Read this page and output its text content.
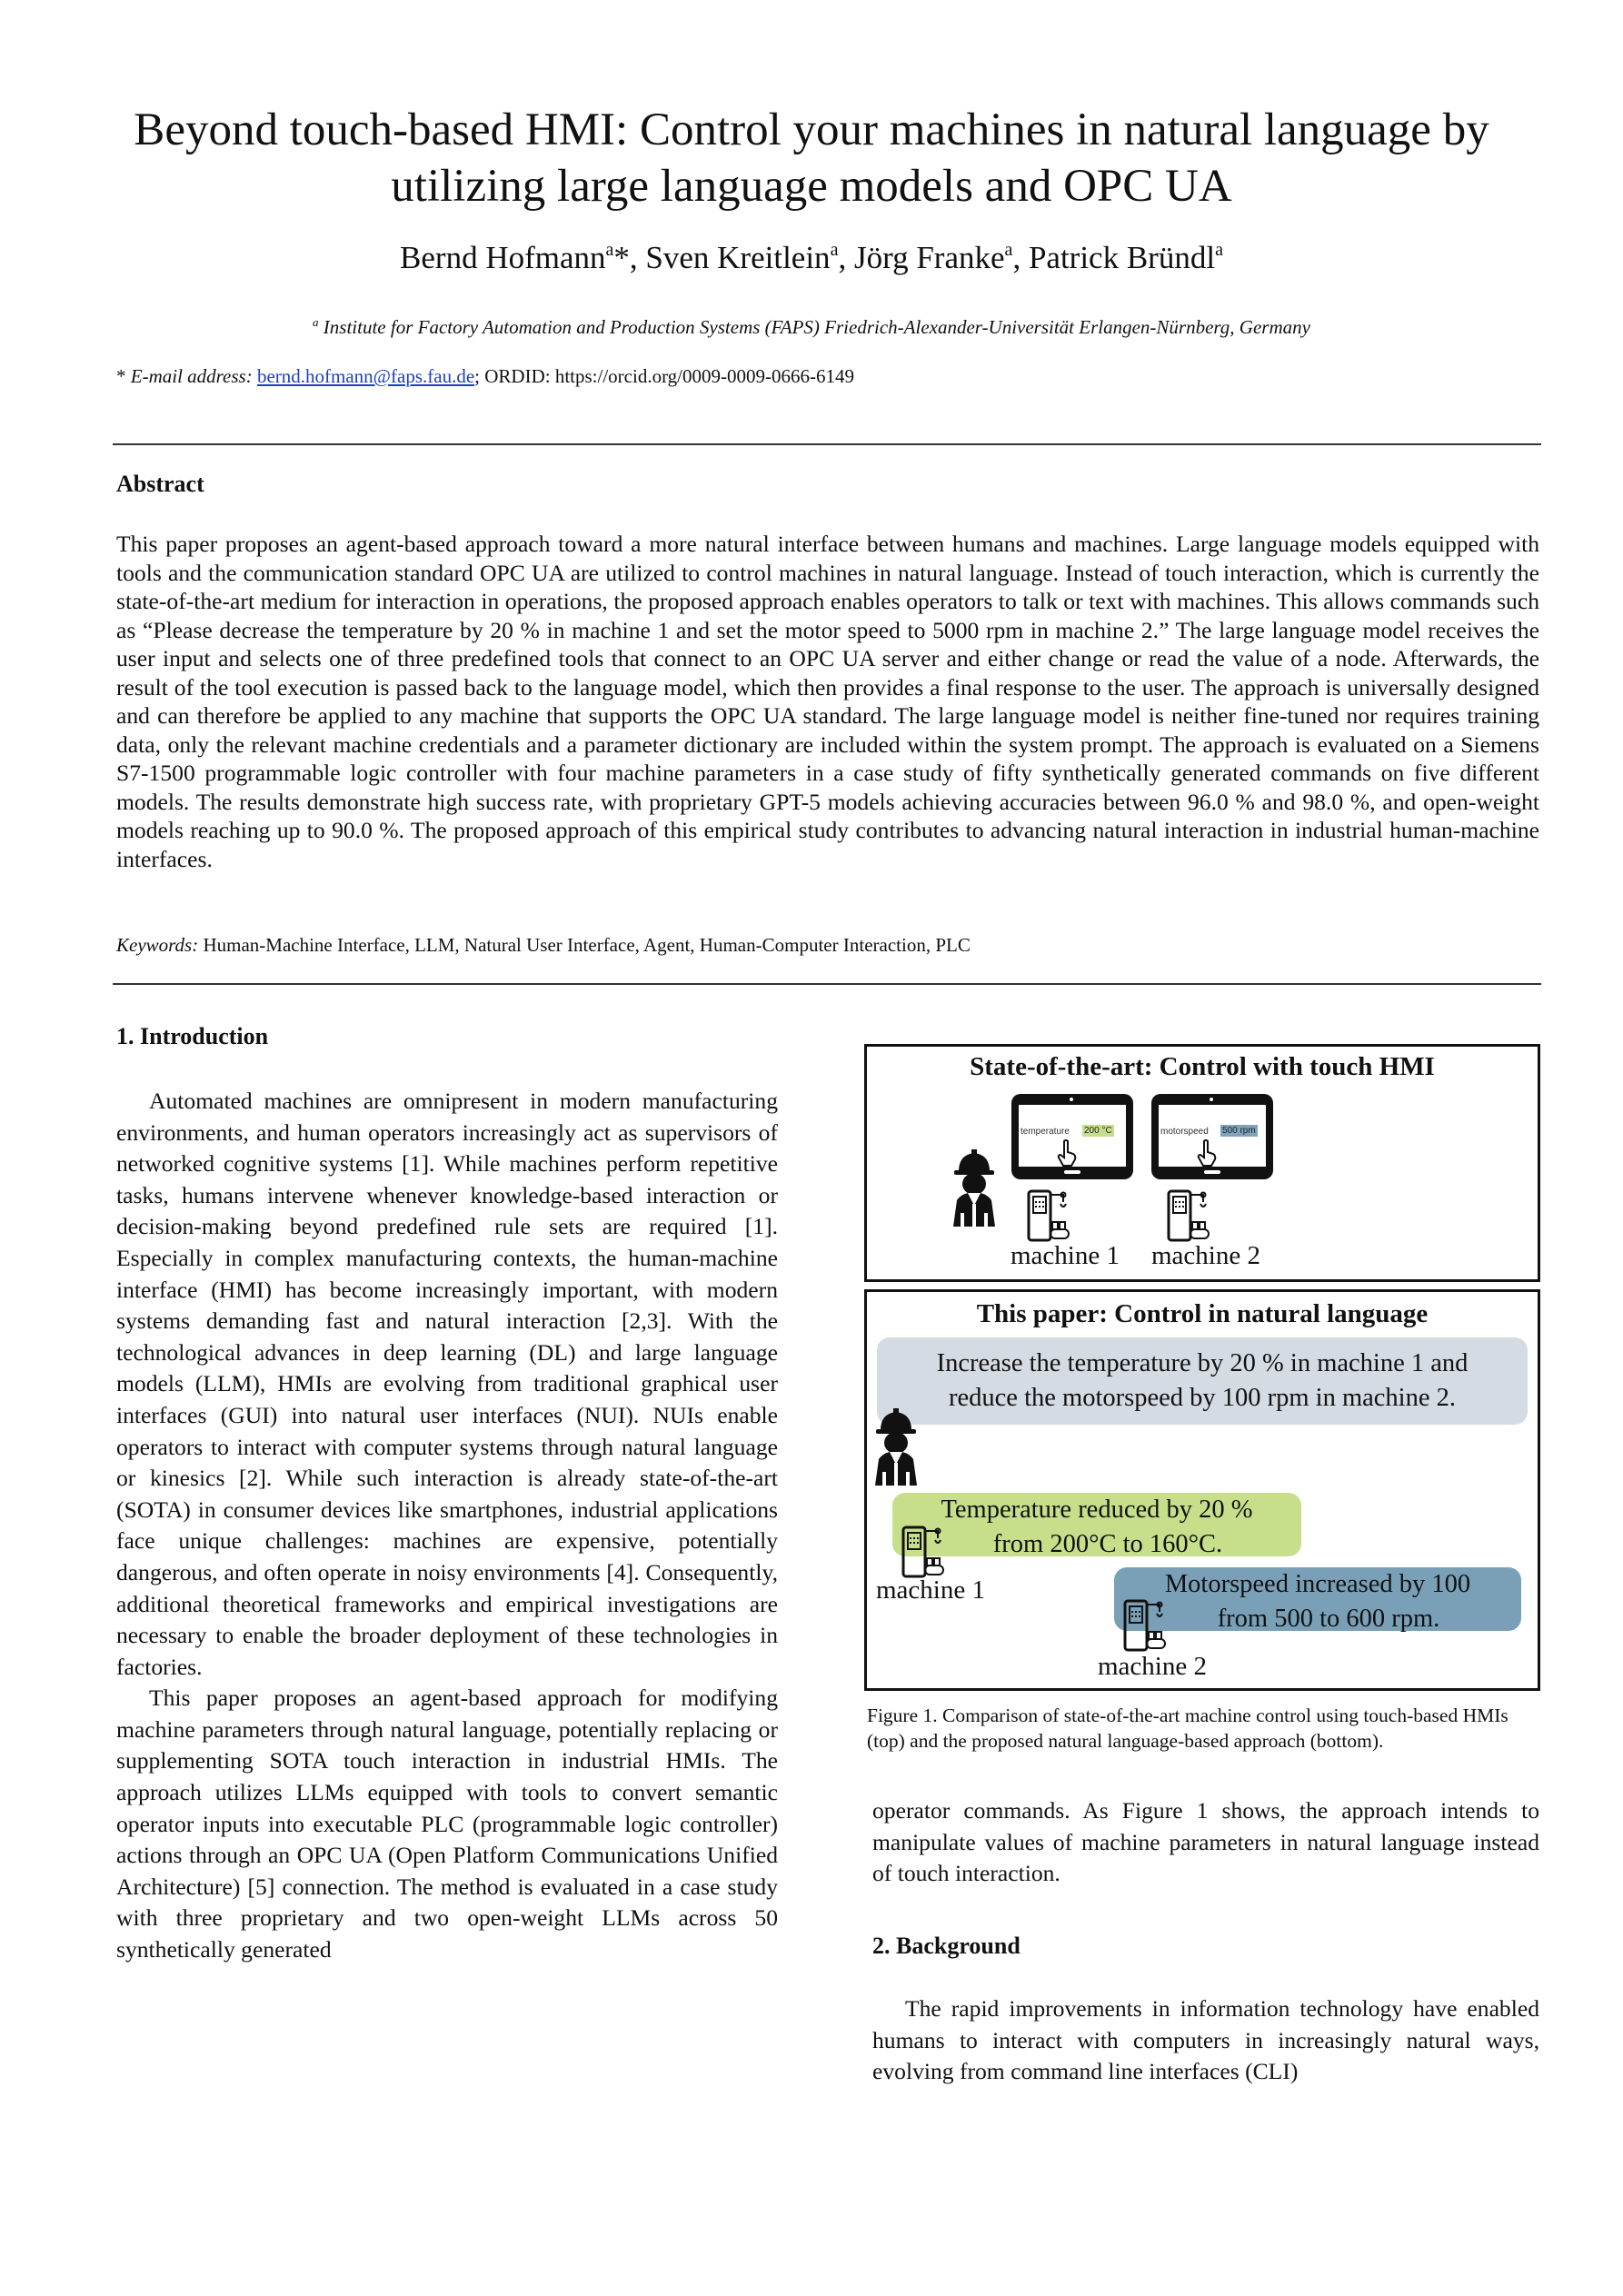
Beyond touch-based HMI: Control your machines in natural language by
utilizing large language models and OPC UA
Bernd Hofmann$^a$*, Sven Kreitlein$^a$, Jörg Franke$^a$, Patrick Bründl$^a$
$^a$ Institute for Factory Automation and Production Systems (FAPS) Friedrich-Alexander-Universität Erlangen-Nürnberg, Germany
* E-mail address: bernd.hofmann@faps.fau.de; ORDID: https://orcid.org/0009-0009-0666-6149
Abstract
This paper proposes an agent-based approach toward a more natural interface between humans and machines. Large language models equipped with tools and the communication standard OPC UA are utilized to control machines in natural language. Instead of touch interaction, which is currently the state-of-the-art medium for interaction in operations, the proposed approach enables operators to talk or text with machines. This allows commands such as “Please decrease the temperature by 20 % in machine 1 and set the motor speed to 5000 rpm in machine 2.” The large language model receives the user input and selects one of three predefined tools that connect to an OPC UA server and either change or read the value of a node. Afterwards, the result of the tool execution is passed back to the language model, which then provides a final response to the user. The approach is universally designed and can therefore be applied to any machine that supports the OPC UA standard. The large language model is neither fine-tuned nor requires training data, only the relevant machine credentials and a parameter dictionary are included within the system prompt. The approach is evaluated on a Siemens S7-1500 programmable logic controller with four machine parameters in a case study of fifty synthetically generated commands on five different models. The results demonstrate high success rate, with proprietary GPT-5 models achieving accuracies between 96.0 % and 98.0 %, and open-weight models reaching up to 90.0 %. The proposed approach of this empirical study contributes to advancing natural interaction in industrial human-machine interfaces.
Keywords: Human-Machine Interface, LLM, Natural User Interface, Agent, Human-Computer Interaction, PLC
1. Introduction

Automated machines are omnipresent in modern manufacturing environments, and human operators increasingly act as supervisors of networked cognitive systems [1]. While machines perform repetitive tasks, humans intervene whenever knowledge-based interaction or decision-making beyond predefined rule sets are required [1]. Especially in complex manufacturing contexts, the human-machine interface (HMI) has become increasingly important, with modern systems demanding fast and natural interaction [2,3]. With the technological advances in deep learning (DL) and large language models (LLM), HMIs are evolving from traditional graphical user interfaces (GUI) into natural user interfaces (NUI). NUIs enable operators to interact with computer systems through natural language or kinesics [2]. While such interaction is already state-of-the-art (SOTA) in consumer devices like smartphones, industrial applications face unique challenges: machines are expensive, potentially dangerous, and often operate in noisy environments [4]. Consequently, additional theoretical frameworks and empirical investigations are necessary to enable the broader deployment of these technologies in factories.

This paper proposes an agent-based approach for modifying machine parameters through natural language, potentially replacing or supplementing SOTA touch interaction in industrial HMIs. The approach utilizes LLMs equipped with tools to convert semantic operator inputs into executable PLC (programmable logic controller) actions through an OPC UA (Open Platform Communications Unified Architecture) [5] connection. The method is evaluated in a case study with three proprietary and two open-weight LLMs across 50 synthetically generated

State-of-the-art: Control with touch HMI
temperature 200 °C	motorspeed 500 rpm
machine 1 machine 2
This paper: Control in natural language
Increase the temperature by 20 % in machine 1 and
reduce the motorspeed by 100 rpm in machine 2.
Temperature reduced by 20 %
from 200°C to 160°C.
machine 1	Motorspeed increased by 100
from 500 to 600 rpm.
machine 2
Figure 1. Comparison of state-of-the-art machine control using touch-based HMIs (top) and the proposed natural language-based approach (bottom).

operator commands. As Figure 1 shows, the approach intends to manipulate values of machine parameters in natural language instead of touch interaction.

2. Background

The rapid improvements in information technology have enabled humans to interact with computers in increasingly natural ways, evolving from command line interfaces (CLI)
